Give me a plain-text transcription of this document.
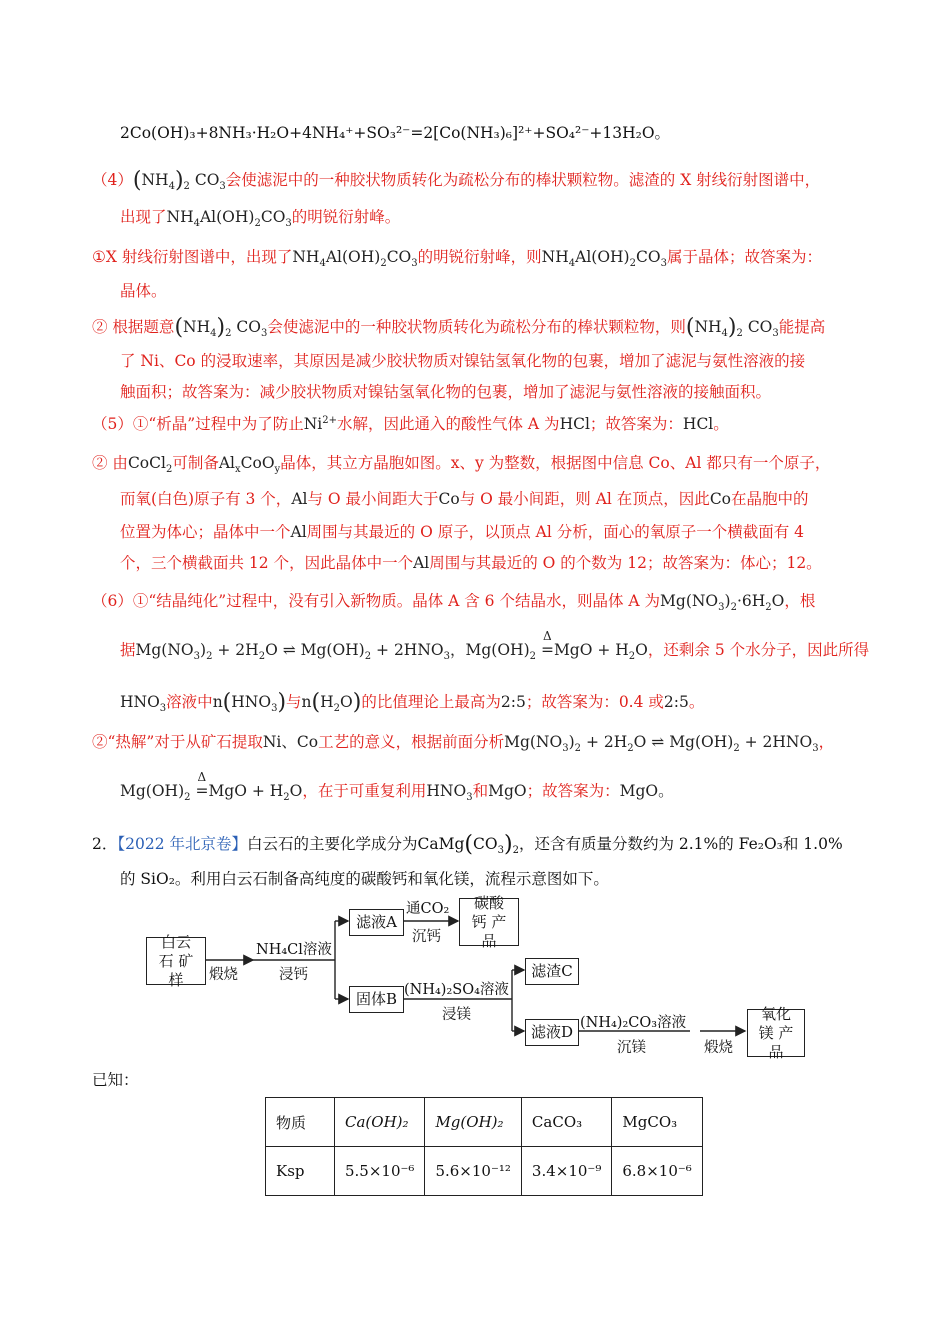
2Co(OH)₃+8NH₃·H₂O+4NH₄⁺+SO₃²⁻=2[Co(NH₃)₆]²⁺+SO₄²⁻+13H₂O。
$(4)(NH_4)_2$ $CO_3$会使滤泥中的一种胶状物质转化为疏松分布的棒状颗粒物。滤渣的 X 射线衍射图谱中，
出现了$NH_4Al(OH)_2CO_3$的明锐衍射峰。
①X 射线衍射图谱中，出现了$NH_4Al(OH)_2CO_3$的明锐衍射峰，则$NH_4Al(OH)_2CO_3$属于晶体；故答案为：
晶体。
② 根据题意$(NH_4)_2$ $CO_3$会使滤泥中的一种胶状物质转化为疏松分布的棒状颗粒物，则$(NH_4)_2$ $CO_3$能提高
了 Ni、Co 的浸取速率，其原因是减少胶状物质对镍钴氢氧化物的包裹，增加了滤泥与氨性溶液的接
触面积；故答案为：减少胶状物质对镍钴氢氧化物的包裹，增加了滤泥与氨性溶液的接触面积。
（5）①“析晶”过程中为了防止$Ni^{2+}$水解，因此通入的酸性气体 A 为HCl；故答案为：HCl。
② 由CoCl$_2$可制备$Al_xCoO_y$晶体，其立方晶胞如图。x、y 为整数，根据图中信息 Co、Al 都只有一个原子，
而氧(白色)原子有 3 个，Al与 O 最小间距大于Co与 O 最小间距，则 Al 在顶点，因此Co在晶胞中的
位置为体心；晶体中一个Al周围与其最近的 O 原子，以顶点 Al 分析，面心的氧原子一个横截面有 4
个，三个横截面共 12 个，因此晶体中一个Al周围与其最近的 O 的个数为 12；故答案为：体心；12。
（6）①“结晶纯化”过程中，没有引入新物质。晶体 A 含 6 个结晶水，则晶体 A 为$Mg(NO_3)_2\cdot 6H_2O$，根
据$Mg(NO_3)_2 + 2H_2O$ ⇌ $Mg(OH)_2 + 2HNO_3$，$Mg(OH)_2$
Δ
$=MgO + H_2O$，还剩余 5 个水分子，因此所得
$HNO_3$溶液中$n(HNO_3)$与$n(H_2O)$的比值理论上最高为2:5；故答案为：0.4 或2:5。
②“热解”对于从矿石提取Ni、Co工艺的意义，根据前面分析$Mg(NO_3)_2 + 2H_2O$ ⇌ $Mg(OH)_2 + 2HNO_3$，
$Mg(OH)_2$
Δ
$=MgO + H_2O$，在于可重复利用$HNO_3$和MgO；故答案为：MgO。
2．【2022 年北京卷】白云石的主要化学成分为$CaMg(CO_3)_2$，还含有质量分数约为 2.1%的 Fe₂O₃和 1.0%
的 SiO₂。利用白云石制备高纯度的碳酸钙和氧化镁，流程示意图如下。
白云石 矿样	煅烧
NH₄Cl溶液
浸钙
滤液A
通CO₂
沉钙
碳酸钙 产品
固体B (NH₄)₂SO₄溶液
浸镁
滤渣C
滤液D (NH₄)₂CO₃溶液
沉镁	煅烧
氧化镁 产品
已知：
物质	Ca(OH)₂	Mg(OH)₂	CaCO₃	MgCO₃
Ksp	5.5×10⁻⁶	5.6×10⁻¹²	3.4×10⁻⁹	6.8×10⁻⁶
